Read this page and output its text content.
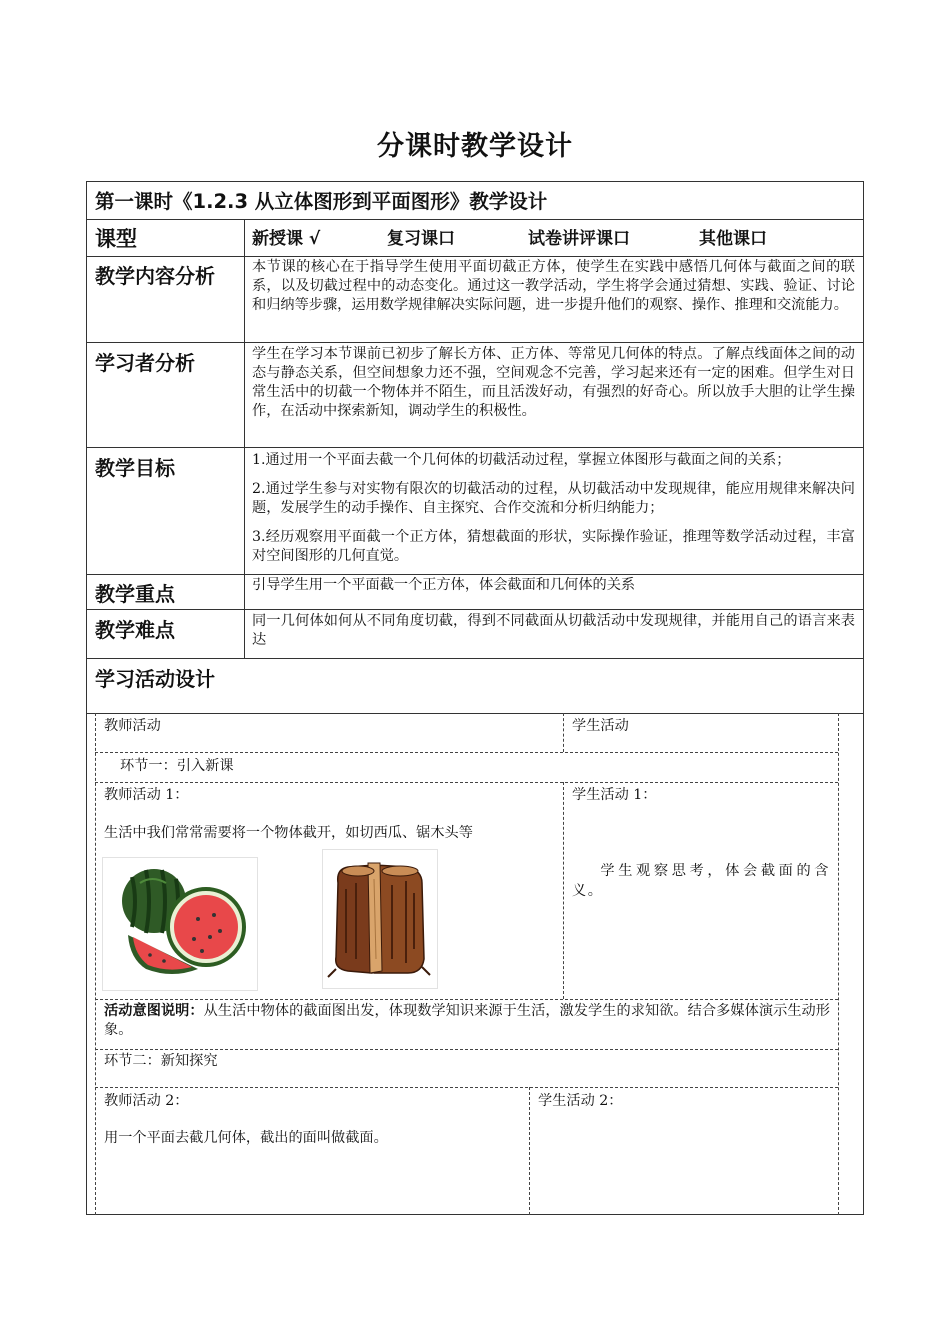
分课时教学设计
第一课时《1.2.3 从立体图形到平面图形》教学设计
课型	新授课 √	复习课口	试卷讲评课口	其他课口
教学内容分析	本节课的核心在于指导学生使用平面切截正方体，使学生在实践中感悟几何体与截面之间的联系，以及切截过程中的动态变化。通过这一教学活动，学生将学会通过猜想、实践、验证、讨论和归纳等步骤，运用数学规律解决实际问题，进一步提升他们的观察、操作、推理和交流能力。
学习者分析	学生在学习本节课前已初步了解长方体、正方体、等常见几何体的特点。了解点线面体之间的动态与静态关系，但空间想象力还不强，空间观念不完善，学习起来还有一定的困难。但学生对日常生活中的切截一个物体并不陌生，而且活泼好动，有强烈的好奇心。所以放手大胆的让学生操作，在活动中探索新知，调动学生的积极性。
教学目标	1.通过用一个平面去截一个几何体的切截活动过程，掌握立体图形与截面之间的关系；
2.通过学生参与对实物有限次的切截活动的过程，从切截活动中发现规律，能应用规律来解决问题，发展学生的动手操作、自主探究、合作交流和分析归纳能力；
3.经历观察用平面截一个正方体，猜想截面的形状，实际操作验证，推理等数学活动过程，丰富对空间图形的几何直觉。
教学重点	引导学生用一个平面截一个正方体，体会截面和几何体的关系
教学难点	同一几何体如何从不同角度切截，得到不同截面从切截活动中发现规律，并能用自己的语言来表达
学习活动设计
教师活动	学生活动
环节一：引入新课
教师活动 1：
生活中我们常常需要将一个物体截开，如切西瓜、锯木头等
学生活动 1：
学生观察思考，体会截面的含义。
活动意图说明：从生活中物体的截面图出发，体现数学知识来源于生活，激发学生的求知欲。结合多媒体演示生动形象。
环节二：新知探究
教师活动 2：
用一个平面去截几何体，截出的面叫做截面。
学生活动 2：
